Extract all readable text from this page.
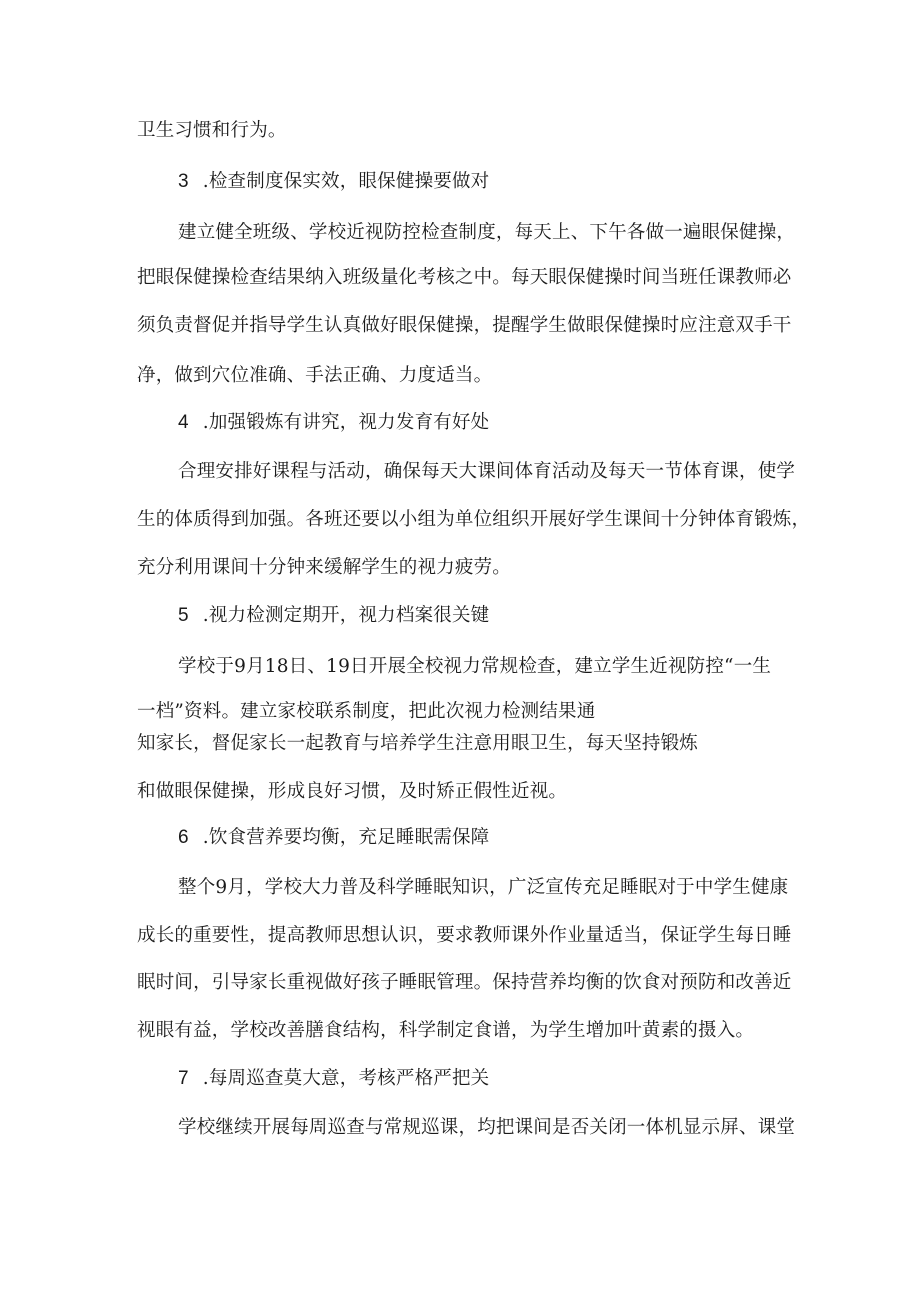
卫生习惯和行为。
3 .检查制度保实效，眼保健操要做对
建立健全班级、学校近视防控检查制度，每天上、下午各做一遍眼保健操，
把眼保健操检查结果纳入班级量化考核之中。每天眼保健操时间当班任课教师必
须负责督促并指导学生认真做好眼保健操，提醒学生做眼保健操时应注意双手干
净，做到穴位准确、手法正确、力度适当。
4 .加强锻炼有讲究，视力发育有好处
合理安排好课程与活动，确保每天大课间体育活动及每天一节体育课，使学
生的体质得到加强。各班还要以小组为单位组织开展好学生课间十分钟体育锻炼，
充分利用课间十分钟来缓解学生的视力疲劳。
5 .视力检测定期开，视力档案很关键
学校于9月18日、19日开展全校视力常规检查，建立学生近视防控“一生
一档”资料。建立家校联系制度，把此次视力检测结果通
知家长，督促家长一起教育与培养学生注意用眼卫生，每天坚持锻炼
和做眼保健操，形成良好习惯，及时矫正假性近视。
6 .饮食营养要均衡，充足睡眠需保障
整个9月，学校大力普及科学睡眠知识，广泛宣传充足睡眠对于中学生健康
成长的重要性，提高教师思想认识，要求教师课外作业量适当，保证学生每日睡
眠时间，引导家长重视做好孩子睡眠管理。保持营养均衡的饮食对预防和改善近
视眼有益，学校改善膳食结构，科学制定食谱，为学生增加叶黄素的摄入。
7 .每周巡查莫大意，考核严格严把关
学校继续开展每周巡查与常规巡课，均把课间是否关闭一体机显示屏、课堂
